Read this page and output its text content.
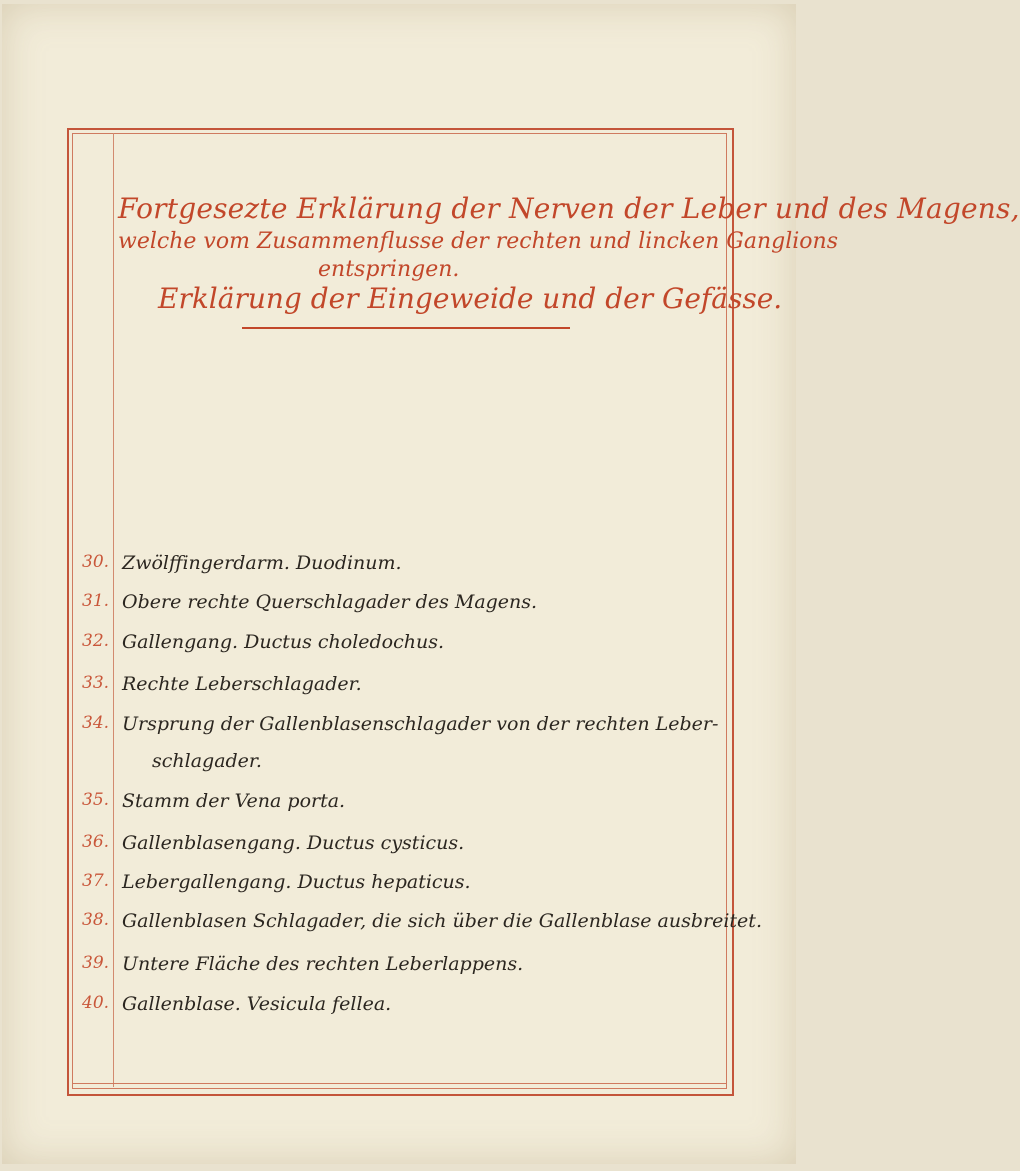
Fortgesezte Erklärung der Nerven der Leber und des Magens,
welche vom Zusammenflusse der rechten und lincken Ganglions
entspringen.
Erklärung der Eingeweide und der Gefässe.
30. Zwölffingerdarm. Duodinum.
31. Obere rechte Querschlagader des Magens.
32. Gallengang. Ductus choledochus.
33. Rechte Leberschlagader.
34. Ursprung der Gallenblasenschlagader von der rechten Leber-
schlagader.
35. Stamm der Vena porta.
36. Gallenblasengang. Ductus cysticus.
37. Lebergallengang. Ductus hepaticus.
38. Gallenblasen Schlagader, die sich über die Gallenblase ausbreitet.
39. Untere Fläche des rechten Leberlappens.
40. Gallenblase. Vesicula fellea.
